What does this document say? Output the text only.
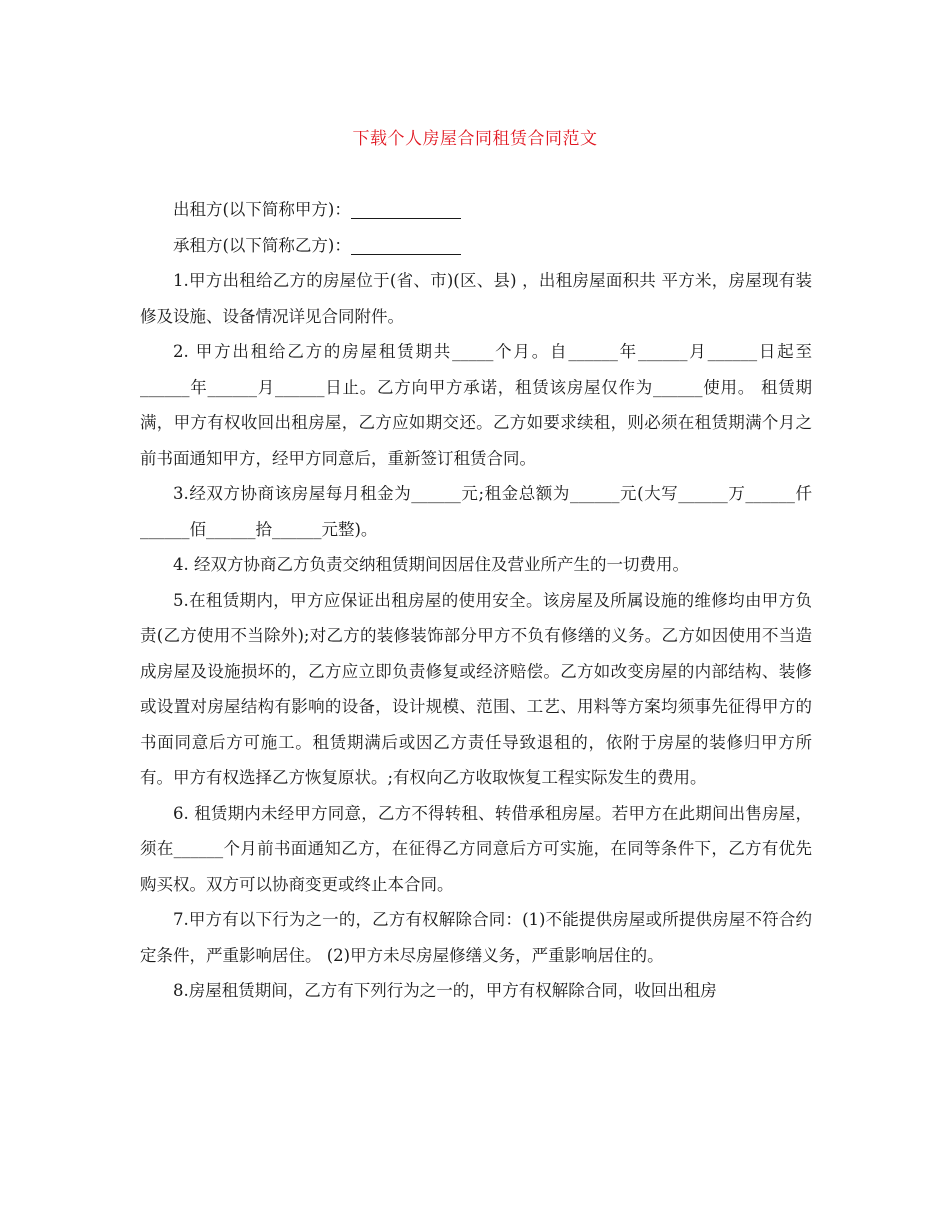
下载个人房屋合同租赁合同范文

出租方(以下简称甲方)：

承租方(以下简称乙方)：

1.甲方出租给乙方的房屋位于(省、市)(区、县) ，出租房屋面积共 平方米，房屋现有装修及设施、设备情况详见合同附件。

2. 甲方出租给乙方的房屋租赁期共_____个月。自______年______月______日起至______年______月______日止。乙方向甲方承诺，租赁该房屋仅作为______使用。 租赁期满，甲方有权收回出租房屋，乙方应如期交还。乙方如要求续租，则必须在租赁期满个月之前书面通知甲方，经甲方同意后，重新签订租赁合同。

3.经双方协商该房屋每月租金为______元;租金总额为______元(大写______万______仟______佰______拾______元整)。

4. 经双方协商乙方负责交纳租赁期间因居住及营业所产生的一切费用。

5.在租赁期内，甲方应保证出租房屋的使用安全。该房屋及所属设施的维修均由甲方负责(乙方使用不当除外);对乙方的装修装饰部分甲方不负有修缮的义务。乙方如因使用不当造成房屋及设施损坏的，乙方应立即负责修复或经济赔偿。乙方如改变房屋的内部结构、装修或设置对房屋结构有影响的设备，设计规模、范围、工艺、用料等方案均须事先征得甲方的书面同意后方可施工。租赁期满后或因乙方责任导致退租的，依附于房屋的装修归甲方所有。甲方有权选择乙方恢复原状。;有权向乙方收取恢复工程实际发生的费用。

6. 租赁期内未经甲方同意，乙方不得转租、转借承租房屋。若甲方在此期间出售房屋，须在______个月前书面通知乙方，在征得乙方同意后方可实施，在同等条件下，乙方有优先购买权。双方可以协商变更或终止本合同。

7.甲方有以下行为之一的，乙方有权解除合同：(1)不能提供房屋或所提供房屋不符合约定条件，严重影响居住。 (2)甲方未尽房屋修缮义务，严重影响居住的。

8.房屋租赁期间，乙方有下列行为之一的，甲方有权解除合同，收回出租房
